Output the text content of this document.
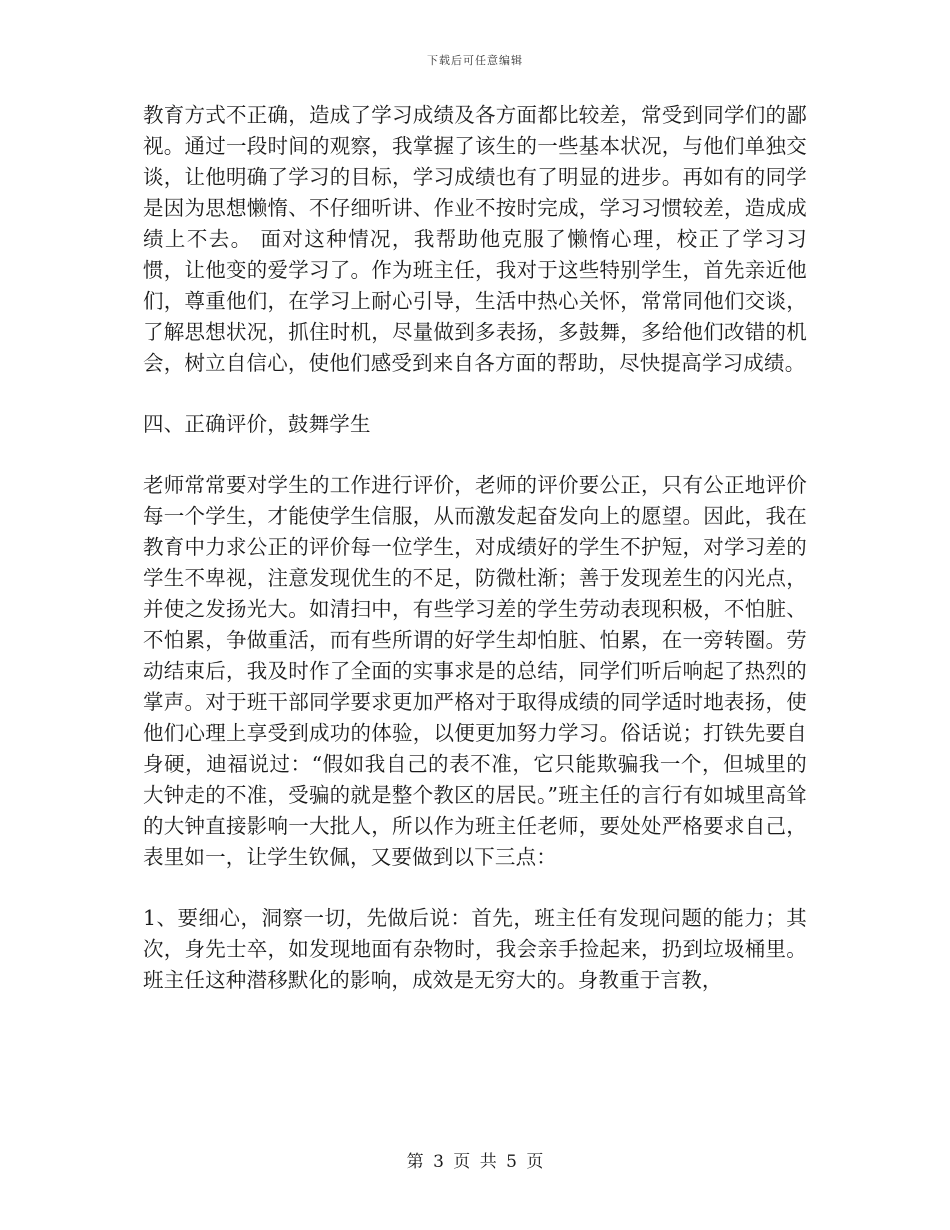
下载后可任意编辑

教育方式不正确，造成了学习成绩及各方面都比较差，常受到同学们的鄙视。通过一段时间的观察，我掌握了该生的一些基本状况，与他们单独交谈，让他明确了学习的目标，学习成绩也有了明显的进步。再如有的同学是因为思想懒惰、不仔细听讲、作业不按时完成，学习习惯较差，造成成绩上不去。 面对这种情况，我帮助他克服了懒惰心理，校正了学习习惯，让他变的爱学习了。作为班主任，我对于这些特别学生，首先亲近他们，尊重他们，在学习上耐心引导，生活中热心关怀，常常同他们交谈，了解思想状况，抓住时机，尽量做到多表扬，多鼓舞，多给他们改错的机会，树立自信心，使他们感受到来自各方面的帮助，尽快提高学习成绩。

四、正确评价，鼓舞学生

老师常常要对学生的工作进行评价，老师的评价要公正，只有公正地评价每一个学生，才能使学生信服，从而激发起奋发向上的愿望。因此，我在教育中力求公正的评价每一位学生，对成绩好的学生不护短，对学习差的学生不卑视，注意发现优生的不足，防微杜渐；善于发现差生的闪光点，并使之发扬光大。如清扫中，有些学习差的学生劳动表现积极，不怕脏、不怕累，争做重活，而有些所谓的好学生却怕脏、怕累，在一旁转圈。劳动结束后，我及时作了全面的实事求是的总结，同学们听后响起了热烈的掌声。对于班干部同学要求更加严格对于取得成绩的同学适时地表扬，使他们心理上享受到成功的体验，以便更加努力学习。俗话说；打铁先要自身硬，迪福说过：“假如我自己的表不准，它只能欺骗我一个，但城里的大钟走的不准，受骗的就是整个教区的居民。”班主任的言行有如城里高耸的大钟直接影响一大批人，所以作为班主任老师，要处处严格要求自己，表里如一，让学生钦佩，又要做到以下三点：

1、要细心，洞察一切，先做后说：首先，班主任有发现问题的能力；其次，身先士卒，如发现地面有杂物时，我会亲手捡起来，扔到垃圾桶里。班主任这种潜移默化的影响，成效是无穷大的。身教重于言教，

第 3 页 共 5 页
